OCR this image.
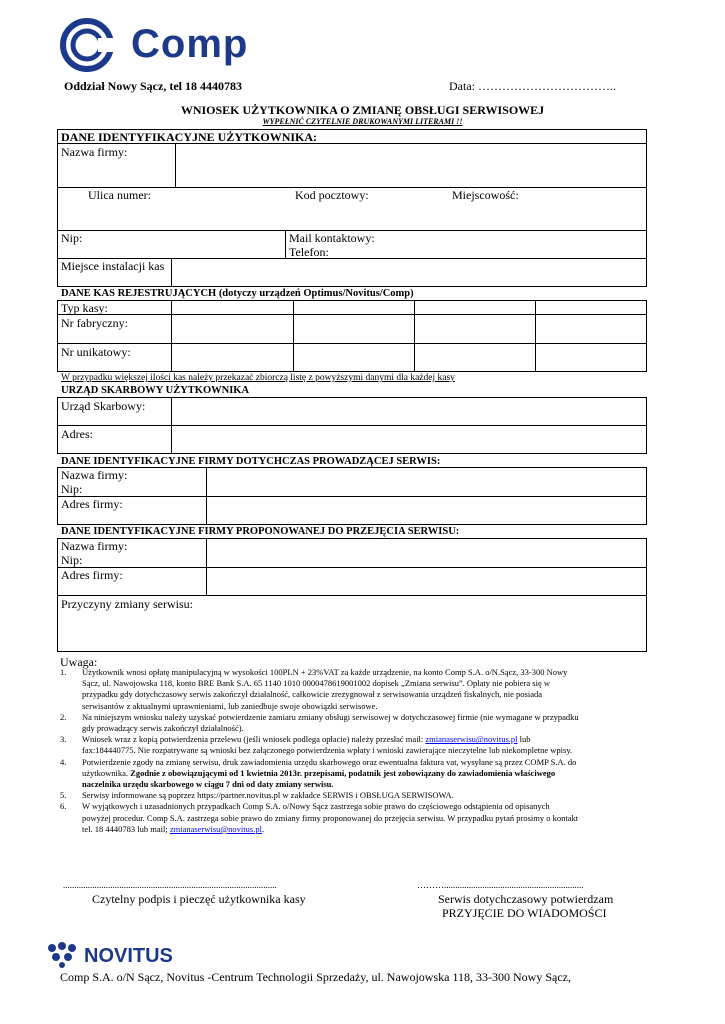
Comp
Oddział Nowy Sącz, tel 18 4440783	Data: ……………………………..
WNIOSEK UŻYTKOWNIKA O ZMIANĘ OBSŁUGI SERWISOWEJ
WYPEŁNIĆ CZYTELNIE DRUKOWANYMI LITERAMI !!
DANE IDENTYFIKACYJNE UŻYTKOWNIKA:
Nazwa firmy:
Ulica numer:	Kod pocztowy:	Miejscowość:
Nip:	Mail kontaktowy:
Telefon:
Miejsce instalacji kas
DANE KAS REJESTRUJĄCYCH (dotyczy urządzeń Optimus/Novitus/Comp)
Typ kasy:
Nr fabryczny:
Nr unikatowy:
W przypadku większej ilości kas należy przekazać zbiorczą listę z powyższymi danymi dla każdej kasy
URZĄD SKARBOWY UŻYTKOWNIKA
Urząd Skarbowy:
Adres:
DANE IDENTYFIKACYJNE FIRMY DOTYCHCZAS PROWADZĄCEJ SERWIS:
Nazwa firmy:
Nip:
Adres firmy:
DANE IDENTYFIKACYJNE FIRMY PROPONOWANEJ DO PRZEJĘCIA SERWISU:
Nazwa firmy:
Nip:
Adres firmy:
Przyczyny zmiany serwisu:
Uwaga:
1. Użytkownik wnosi opłatę manipulacyjną w wysokości 100PLN + 23%VAT za każde urządzenie, na konto Comp S.A. o/N.Sącz, 33-300 Nowy
Sącz, ul. Nawojowska 118, konto BRE Bank S.A. 65 1140 1010 0000478619001002 dopisek „Zmiana serwisu”. Opłaty nie pobiera się w
przypadku gdy dotychczasowy serwis zakończył działalność, całkowicie zrezygnował z serwisowania urządzeń fiskalnych, nie posiada
serwisantów z aktualnymi uprawnieniami, lub zaniedbuje swoje obowiązki serwisowe.
2. Na niniejszym wniosku należy uzyskać potwierdzenie zamiaru zmiany obsługi serwisowej w dotychczasowej firmie (nie wymagane w przypadku
gdy prowadzący serwis zakończył działalność).
3. Wniosek wraz z kopią potwierdzenia przelewu (jeśli wniosek podlega opłacie) należy przesłać mail: zmianaserwisu@novitus.pl lub
fax:184440775. Nie rozpatrywane są wnioski bez załączonego potwierdzenia wpłaty i wnioski zawierające nieczytelne lub niekompletne wpisy.
4. Potwierdzenie zgody na zmianę serwisu, druk zawiadomienia urzędu skarbowego oraz ewentualna faktura vat, wysyłane są przez COMP S.A. do
użytkownika. Zgodnie z obowiązującymi od 1 kwietnia 2013r. przepisami, podatnik jest zobowiązany do zawiadomienia właściwego
naczelnika urzędu skarbowego w ciągu 7 dni od daty zmiany serwisu.
5. Serwisy informowane są poprzez https://partner.novitus.pl w zakładce SERWIS i OBSŁUGA SERWISOWA.
6. W wyjątkowych i uzasadnionych przypadkach Comp S.A. o/Nowy Sącz zastrzega sobie prawo do częściowego odstąpienia od opisanych
powyżej procedur. Comp S.A. zastrzega sobie prawo do zmiany firmy proponowanej do przejęcia serwisu. W przypadku pytań prosimy o kontakt
tel. 18 4440783 lub mail; zmianaserwisu@novitus.pl.
...............................................................................................
Czytelny podpis i pieczęć użytkownika kasy
………..............................................................
Serwis dotychczasowy potwierdzam
PRZYJĘCIE DO WIADOMOŚCI
NOVITUS
Comp S.A. o/N Sącz, Novitus -Centrum Technologii Sprzedaży, ul. Nawojowska 118, 33-300 Nowy Sącz,
